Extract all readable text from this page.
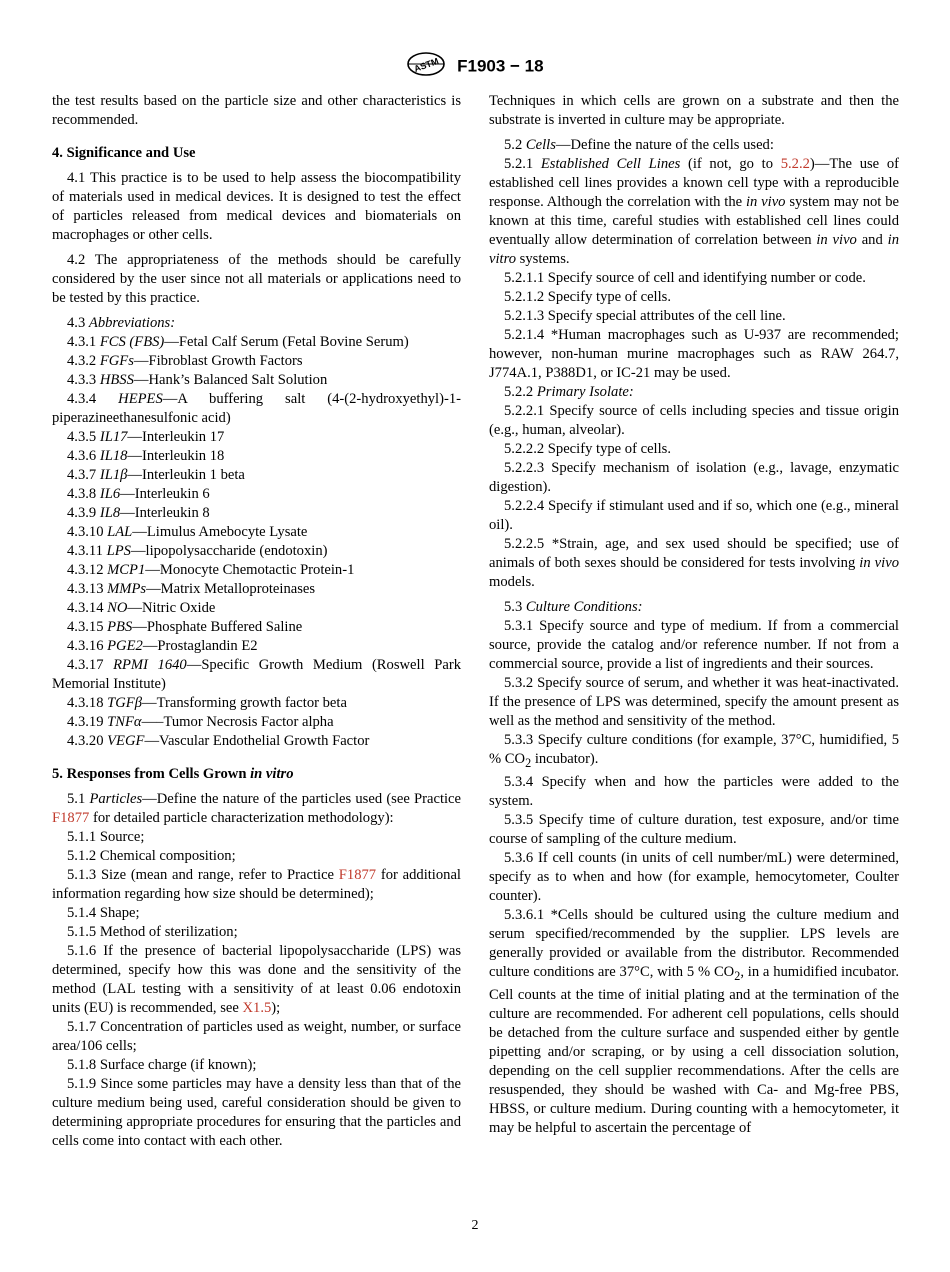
ASTM F1903 − 18

the test results based on the particle size and other characteristics is recommended.

4. Significance and Use

4.1 This practice is to be used to help assess the biocompatibility of materials used in medical devices. It is designed to test the effect of particles released from medical devices and biomaterials on macrophages or other cells.

4.2 The appropriateness of the methods should be carefully considered by the user since not all materials or applications need to be tested by this practice.

4.3 Abbreviations:

4.3.1 FCS (FBS)—Fetal Calf Serum (Fetal Bovine Serum)

4.3.2 FGFs—Fibroblast Growth Factors

4.3.3 HBSS—Hank’s Balanced Salt Solution

4.3.4 HEPES—A buffering salt (4-(2-hydroxyethyl)-1-piperazineethanesulfonic acid)

4.3.5 IL17—Interleukin 17

4.3.6 IL18—Interleukin 18

4.3.7 IL1β—Interleukin 1 beta

4.3.8 IL6—Interleukin 6

4.3.9 IL8—Interleukin 8

4.3.10 LAL—Limulus Amebocyte Lysate

4.3.11 LPS—lipopolysaccharide (endotoxin)

4.3.12 MCP1—Monocyte Chemotactic Protein-1

4.3.13 MMPs—Matrix Metalloproteinases

4.3.14 NO—Nitric Oxide

4.3.15 PBS—Phosphate Buffered Saline

4.3.16 PGE2—Prostaglandin E2

4.3.17 RPMI 1640—Specific Growth Medium (Roswell Park Memorial Institute)

4.3.18 TGFβ—Transforming growth factor beta

4.3.19 TNFα—–Tumor Necrosis Factor alpha

4.3.20 VEGF—Vascular Endothelial Growth Factor

5. Responses from Cells Grown in vitro

5.1 Particles—Define the nature of the particles used (see Practice F1877 for detailed particle characterization methodology):

5.1.1 Source;

5.1.2 Chemical composition;

5.1.3 Size (mean and range, refer to Practice F1877 for additional information regarding how size should be determined);

5.1.4 Shape;

5.1.5 Method of sterilization;

5.1.6 If the presence of bacterial lipopolysaccharide (LPS) was determined, specify how this was done and the sensitivity of the method (LAL testing with a sensitivity of at least 0.06 endotoxin units (EU) is recommended, see X1.5);

5.1.7 Concentration of particles used as weight, number, or surface area/106 cells;

5.1.8 Surface charge (if known);

5.1.9 Since some particles may have a density less than that of the culture medium being used, careful consideration should be given to determining appropriate procedures for ensuring that the particles and cells come into contact with each other.

Techniques in which cells are grown on a substrate and then the substrate is inverted in culture may be appropriate.

5.2 Cells—Define the nature of the cells used:

5.2.1 Established Cell Lines (if not, go to 5.2.2)—The use of established cell lines provides a known cell type with a reproducible response. Although the correlation with the in vivo system may not be known at this time, careful studies with established cell lines could eventually allow determination of correlation between in vivo and in vitro systems.

5.2.1.1 Specify source of cell and identifying number or code.

5.2.1.2 Specify type of cells.

5.2.1.3 Specify special attributes of the cell line.

5.2.1.4 *Human macrophages such as U-937 are recommended; however, non-human murine macrophages such as RAW 264.7, J774A.1, P388D1, or IC-21 may be used.

5.2.2 Primary Isolate:

5.2.2.1 Specify source of cells including species and tissue origin (e.g., human, alveolar).

5.2.2.2 Specify type of cells.

5.2.2.3 Specify mechanism of isolation (e.g., lavage, enzymatic digestion).

5.2.2.4 Specify if stimulant used and if so, which one (e.g., mineral oil).

5.2.2.5 *Strain, age, and sex used should be specified; use of animals of both sexes should be considered for tests involving in vivo models.

5.3 Culture Conditions:

5.3.1 Specify source and type of medium. If from a commercial source, provide the catalog and/or reference number. If not from a commercial source, provide a list of ingredients and their sources.

5.3.2 Specify source of serum, and whether it was heat-inactivated. If the presence of LPS was determined, specify the amount present as well as the method and sensitivity of the method.

5.3.3 Specify culture conditions (for example, 37°C, humidified, 5 % $CO_2$ incubator).

5.3.4 Specify when and how the particles were added to the system.

5.3.5 Specify time of culture duration, test exposure, and/or time course of sampling of the culture medium.

5.3.6 If cell counts (in units of cell number/mL) were determined, specify as to when and how (for example, hemocytometer, Coulter counter).

5.3.6.1 *Cells should be cultured using the culture medium and serum specified/recommended by the supplier. LPS levels are generally provided or available from the distributor. Recommended culture conditions are 37°C, with 5 % $CO_2$, in a humidified incubator. Cell counts at the time of initial plating and at the termination of the culture are recommended. For adherent cell populations, cells should be detached from the culture surface and suspended either by gentle pipetting and/or scraping, or by using a cell dissociation solution, depending on the cell supplier recommendations. After the cells are resuspended, they should be washed with Ca- and Mg-free PBS, HBSS, or culture medium. During counting with a hemocytometer, it may be helpful to ascertain the percentage of

2
